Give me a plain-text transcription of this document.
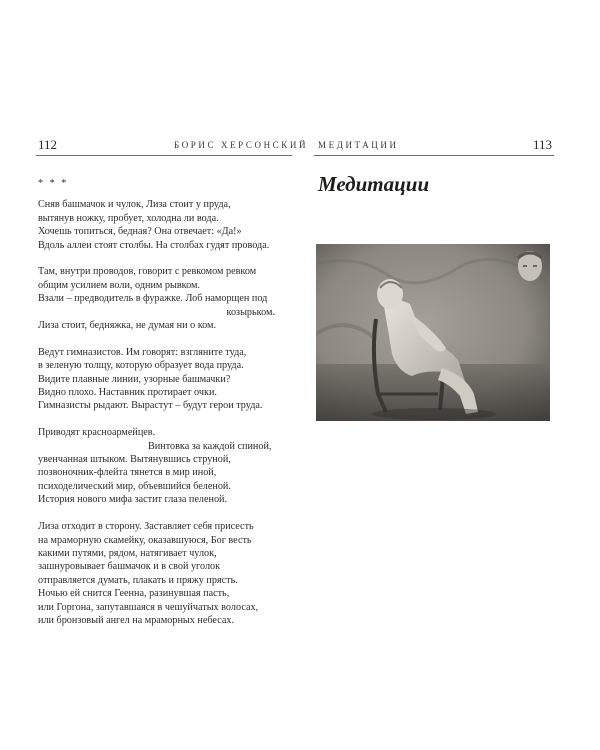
112	БОРИС ХЕРСОНСКИЙ
* * *
Сняв башмачок и чулок, Лиза стоит у пруда,
вытянув ножку, пробует, холодна ли вода.
Хочешь топиться, бедная? Она отвечает: «Да!»
Вдоль аллеи стоят столбы. На столбах гудят провода.
Там, внутри проводов, говорит с ревкомом ревком
общим усилием воли, одним рывком.
Взали – предводитель в фуражке. Лоб наморщен под
козырьком.
Лиза стоит, бедняжка, не думая ни о ком.
Ведут гимназистов. Им говорят: взгляните туда,
в зеленую толщу, которую образует вода пруда.
Видите плавные линии, узорные башмачки?
Видно плохо. Наставник протирает очки.
Гимназисты рыдают. Вырастут – будут герои труда.
Приводят красноармейцев.
Винтовка за каждой спиной,
увенчанная штыком. Вытянувшись струной,
позвоночник-флейта тянется в мир иной,
психоделический мир, объевшийся беленой.
История нового мифа застит глаза пеленой.
Лиза отходит в сторону. Заставляет себя присесть
на мраморную скамейку, оказавшуюся, Бог весть
какими путями, рядом, натягивает чулок,
зашнуровывает башмачок и в свой уголок
отправляется думать, плакать и пряжу прясть.
Ночью ей снится Геенна, разинувшая пасть,
или Горгона, запутавшаяся в чешуйчатых волосах,
или бронзовый ангел на мраморных небесах.
МЕДИТАЦИИ	113
Медитации
